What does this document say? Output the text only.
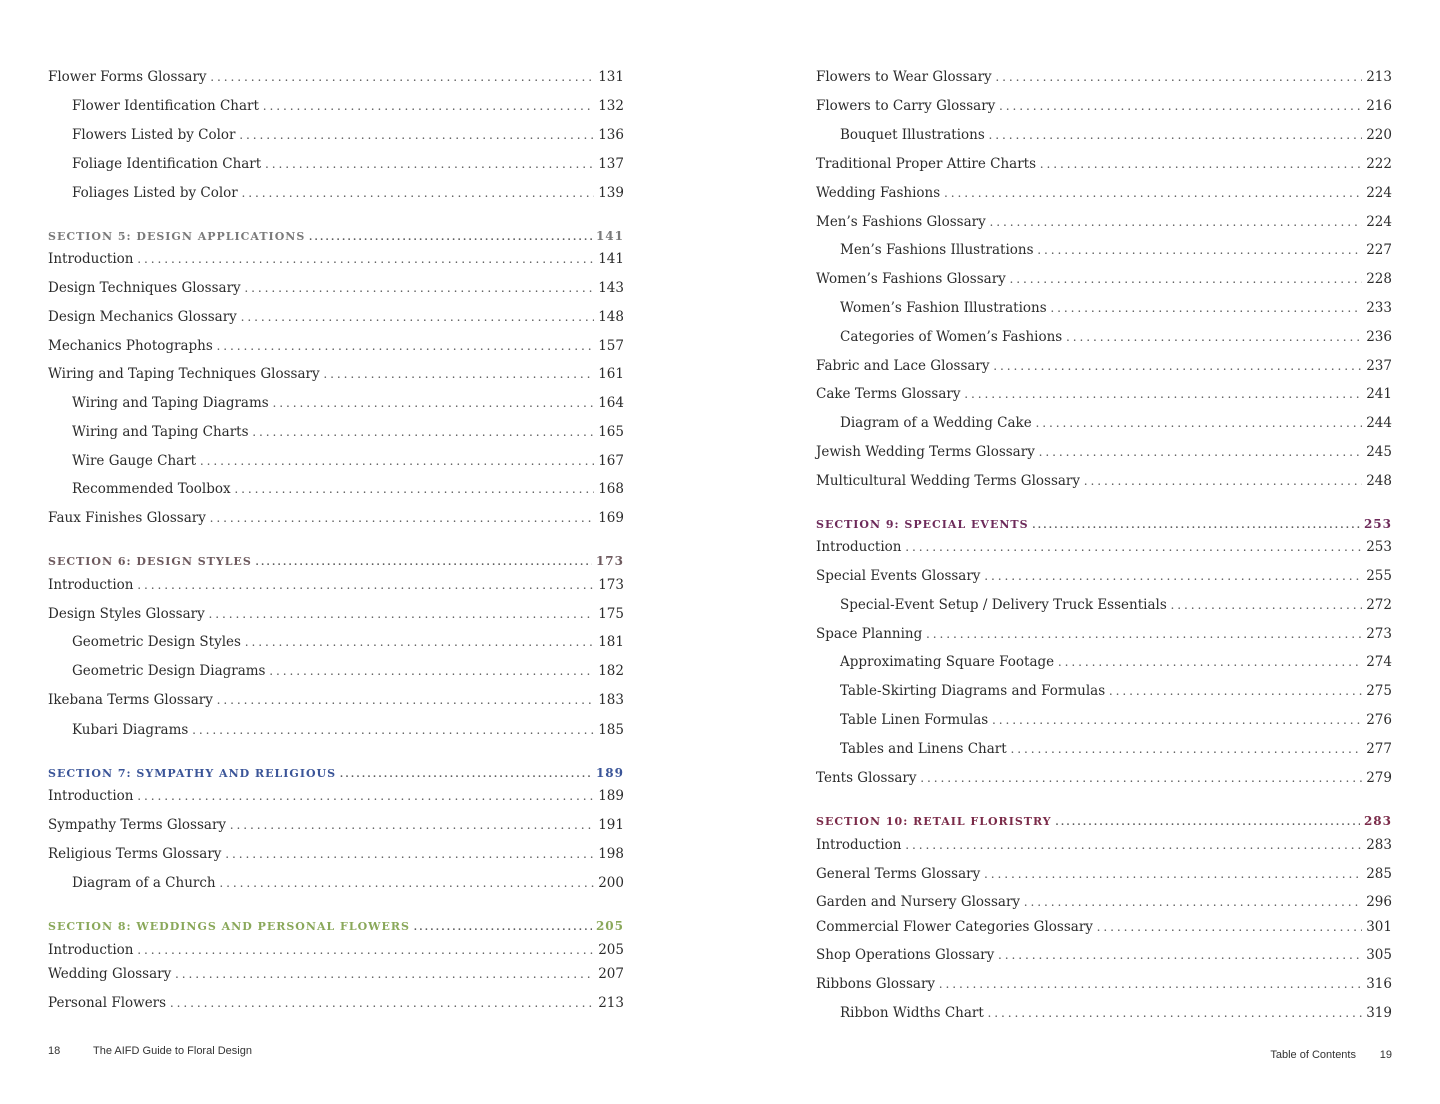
Flower Forms Glossary . . .	131
Flower Identification Chart . . .	132
Flowers Listed by Color . . .	136
Foliage Identification Chart . . .	137
Foliages Listed by Color . . .	139
SECTION 5: DESIGN APPLICATIONS . . .	141
Introduction . . .	141
Design Techniques Glossary . . .	143
Design Mechanics Glossary . . .	148
Mechanics Photographs . . .	157
Wiring and Taping Techniques Glossary . . .	161
Wiring and Taping Diagrams . . .	164
Wiring and Taping Charts . . .	165
Wire Gauge Chart . . .	167
Recommended Toolbox . . .	168
Faux Finishes Glossary . . .	169
SECTION 6: DESIGN STYLES . . .	173
Introduction . . .	173
Design Styles Glossary . . .	175
Geometric Design Styles . . .	181
Geometric Design Diagrams . . .	182
Ikebana Terms Glossary . . .	183
Kubari Diagrams . . .	185
SECTION 7: SYMPATHY AND RELIGIOUS . . .	189
Introduction . . .	189
Sympathy Terms Glossary . . .	191
Religious Terms Glossary . . .	198
Diagram of a Church . . .	200
SECTION 8: WEDDINGS AND PERSONAL FLOWERS . . .	205
Introduction . . .	205
Wedding Glossary . . .	207
Personal Flowers . . .	213
18	The AIFD Guide to Floral Design
Flowers to Wear Glossary . . .	213
Flowers to Carry Glossary . . .	216
Bouquet Illustrations . . .	220
Traditional Proper Attire Charts . . .	222
Wedding Fashions . . .	224
Men’s Fashions Glossary . . .	224
Men’s Fashions Illustrations . . .	227
Women’s Fashions Glossary . . .	228
Women’s Fashion Illustrations . . .	233
Categories of Women’s Fashions . . .	236
Fabric and Lace Glossary . . .	237
Cake Terms Glossary . . .	241
Diagram of a Wedding Cake . . .	244
Jewish Wedding Terms Glossary . . .	245
Multicultural Wedding Terms Glossary . . .	248
SECTION 9: SPECIAL EVENTS . . .	253
Introduction . . .	253
Special Events Glossary . . .	255
Special-Event Setup / Delivery Truck Essentials . . .	272
Space Planning . . .	273
Approximating Square Footage . . .	274
Table-Skirting Diagrams and Formulas . . .	275
Table Linen Formulas . . .	276
Tables and Linens Chart . . .	277
Tents Glossary . . .	279
SECTION 10: RETAIL FLORISTRY . . .	283
Introduction . . .	283
General Terms Glossary . . .	285
Garden and Nursery Glossary . . .	296
Commercial Flower Categories Glossary . . .	301
Shop Operations Glossary . . .	305
Ribbons Glossary . . .	316
Ribbon Widths Chart . . .	319
Table of Contents 19
